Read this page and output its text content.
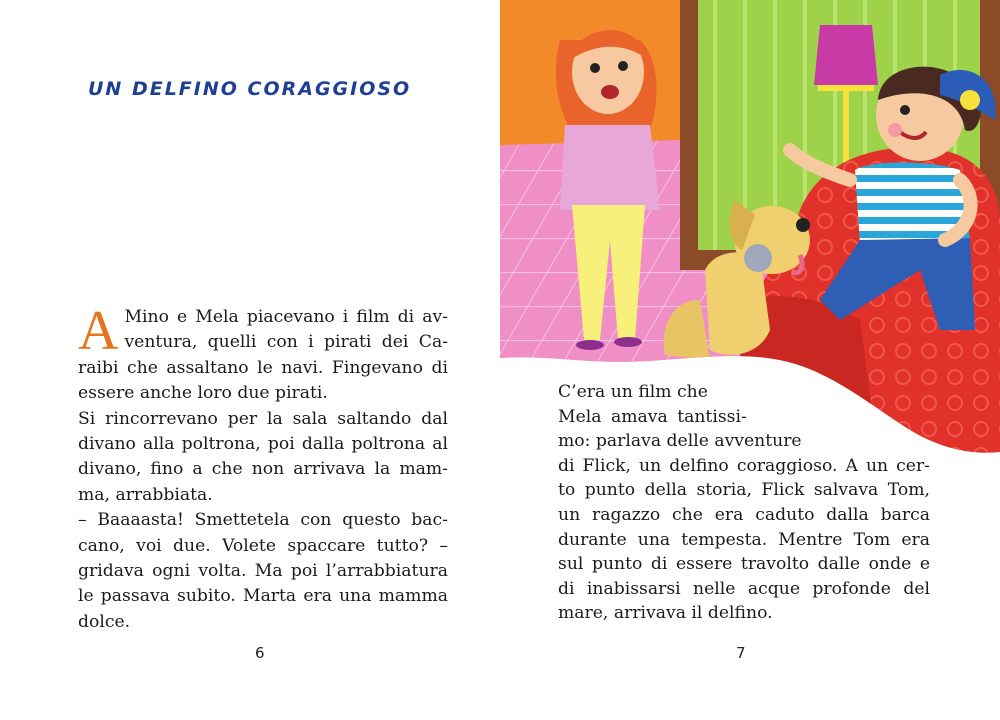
UN DELFINO CORAGGIOSO
A Mino e Mela piacevano i film di av-

ventura, quelli con i pirati dei Ca-

raibi che assaltano le navi. Fingevano di

essere anche loro due pirati.

Si rincorrevano per la sala saltando dal

divano alla poltrona, poi dalla poltrona al

divano, fino a che non arrivava la mam-

ma, arrabbiata.

– Baaaasta! Smettetela con questo bac-

cano, voi due. Volete spaccare tutto? –

gridava ogni volta. Ma poi l’arrabbiatura

le passava subito. Marta era una mamma

dolce.

6
C’era un film che
Mela amava tantissi-
mo: parlava delle avventure
di Flick, un delfino coraggioso. A un cer-
to punto della storia, Flick salvava Tom,
un ragazzo che era caduto dalla barca
durante una tempesta. Mentre Tom era
sul punto di essere travolto dalle onde e
di inabissarsi nelle acque profonde del
mare, arrivava il delfino.
7
